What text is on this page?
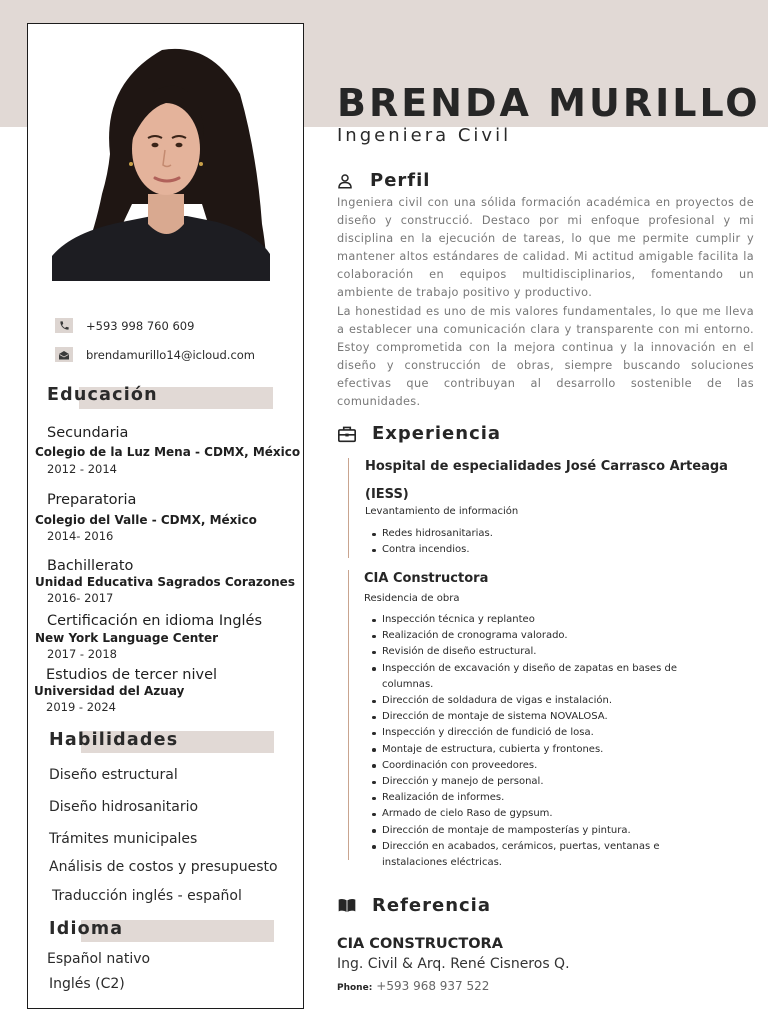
+593 998 760 609
brendamurillo14@icloud.com
Educación
Secundaria
Colegio de la Luz Mena - CDMX, México
2012 - 2014
Preparatoria
Colegio del Valle - CDMX, México
2014- 2016
Bachillerato
Unidad Educativa Sagrados Corazones
2016- 2017
Certificación en idioma Inglés
New York Language Center
2017 - 2018
Estudios de tercer nivel
Universidad del Azuay
2019 - 2024
Habilidades
Diseño estructural
Diseño hidrosanitario
Trámites municipales
Análisis de costos y presupuesto
Traducción inglés - español
Idioma
Español nativo
Inglés (C2)
BRENDA MURILLO
Ingeniera Civil
Perfil

Ingeniera civil con una sólida formación académica en proyectos de diseño y construcció. Destaco por mi enfoque profesional y mi disciplina en la ejecución de tareas, lo que me permite cumplir y mantener altos estándares de calidad. Mi actitud amigable facilita la colaboración en equipos multidisciplinarios, fomentando un ambiente de trabajo positivo y productivo.

La honestidad es uno de mis valores fundamentales, lo que me lleva a establecer una comunicación clara y transparente con mi entorno. Estoy comprometida con la mejora continua y la innovación en el diseño y construcción de obras, siempre buscando soluciones efectivas que contribuyan al desarrollo sostenible de las comunidades.

Experiencia
Hospital de especialidades José Carrasco Arteaga
(IESS)
Levantamiento de información
Redes hidrosanitarias.
Contra incendios.
CIA Constructora
Residencia de obra
Inspección técnica y replanteo
Realización de cronograma valorado.
Revisión de diseño estructural.
Inspección de excavación y diseño de zapatas en bases de columnas.
Dirección de soldadura de vigas e instalación.
Dirección de montaje de sistema NOVALOSA.
Inspección y dirección de fundició de losa.
Montaje de estructura, cubierta y frontones.
Coordinación con proveedores.
Dirección y manejo de personal.
Realización de informes.
Armado de cielo Raso de gypsum.
Dirección de montaje de mamposterías y pintura.
Dirección en acabados, cerámicos, puertas, ventanas e instalaciones eléctricas.
Referencia
CIA CONSTRUCTORA
Ing. Civil & Arq. René Cisneros Q.
Phone: +593 968 937 522
